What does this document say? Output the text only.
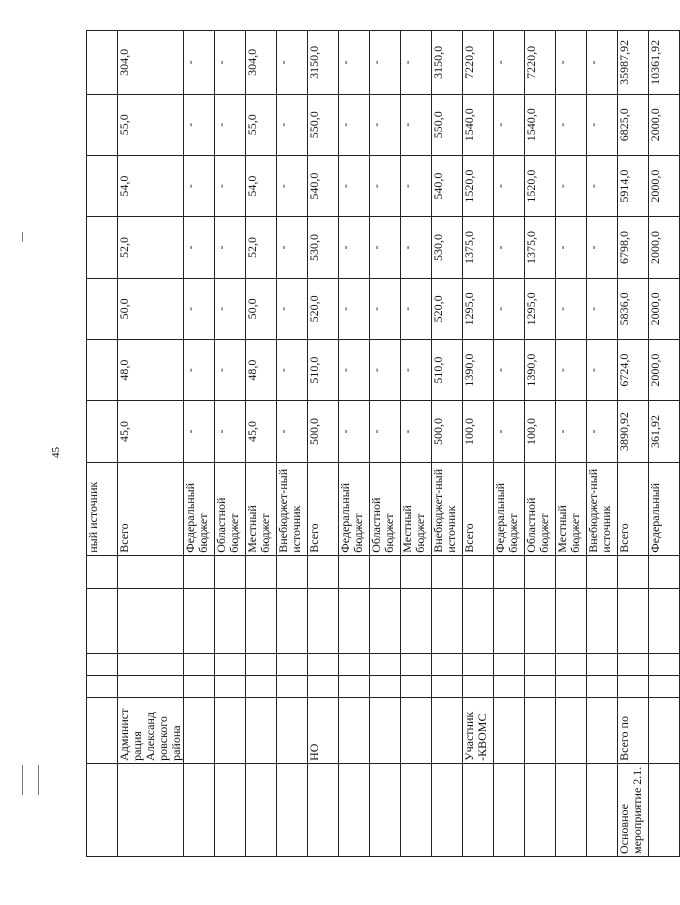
45
						ный источник							
	Админист рация Александ ровского района					Всего	45,0	48,0	50,0	52,0	54,0	55,0	304,0
						Федеральный бюджет	-	-	-	-	-	-	-
						Областной бюджет	-	-	-	-	-	-	-
						Местный бюджет	45,0	48,0	50,0	52,0	54,0	55,0	304,0
						Внебюджет-ный источник	-	-	-	-	-	-	-
	НО					Всего	500,0	510,0	520,0	530,0	540,0	550,0	3150,0
						Федеральный бюджет	-	-	-	-	-	-	-
						Областной бюджет	-	-	-	-	-	-	-
						Местный бюджет	-	-	-	-	-	-	-
						Внебюджет-ный источник	500,0	510,0	520,0	530,0	540,0	550,0	3150,0
	Участник -КВОМС					Всего	100,0	1390,0	1295,0	1375,0	1520,0	1540,0	7220,0
						Федеральный бюджет	-	-	-	-	-	-	-
						Областной бюджет	100,0	1390,0	1295,0	1375,0	1520,0	1540,0	7220,0
						Местный бюджет	-	-	-	-	-	-	-
						Внебюджет-ный источник	-	-	-	-	-	-	-
Основное мероприятие 2.1.	Всего по					Всего	3890,92	6724,0	5836,0	6798,0	5914,0	6825,0	35987,92
						Федеральный	361,92	2000,0	2000,0	2000,0	2000,0	2000,0	10361,92
